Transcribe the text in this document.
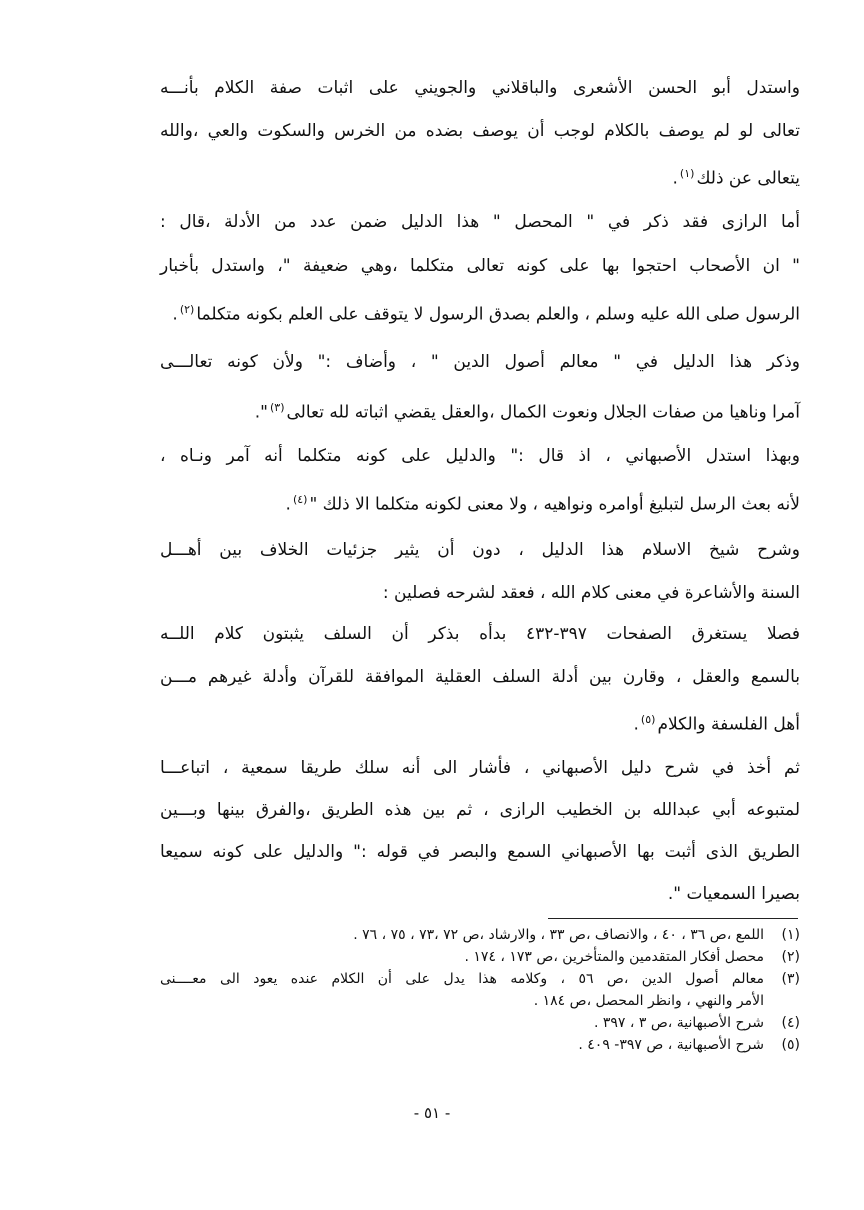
واستدل أبو الحسن الأشعرى والباقلاني والجويني على اثبات صفة الكلام بأنـــه
تعالى لو لم يوصف بالكلام لوجب أن يوصف بضده من الخرس والسكوت والعي ،والله
يتعالى عن ذلك$^{(١)}$.
أما الرازى فقد ذكر في " المحصل " هذا الدليل ضمن عدد من الأدلة ،قال :
" ان الأصحاب احتجوا بها على كونه تعالى متكلما ،وهي ضعيفة "، واستدل بأخبار
الرسول صلى الله عليه وسلم ، والعلم بصدق الرسول لا يتوقف على العلم بكونه متكلما$^{(٢)}$.
وذكر هذا الدليل في " معالم أصول الدين " ، وأضاف :" ولأن كونه تعالـــى
آمرا وناهيا من صفات الجلال ونعوت الكمال ،والعقل يقضي اثباته لله تعالى$^{(٣)}$".
وبهذا استدل الأصبهاني ، اذ قال :" والدليل على كونه متكلما أنه آمر ونـاه ،
لأنه بعث الرسل لتبليغ أوامره ونواهيه ، ولا معنى لكونه متكلما الا ذلك "$^{(٤)}$.
وشرح شيخ الاسلام هذا الدليل ، دون أن يثير جزئيات الخلاف بين أهـــل
السنة والأشاعرة في معنى كلام الله ، فعقد لشرحه فصلين :
فصلا يستغرق الصفحات ٣٩٧-٤٣٢ بدأه بذكر أن السلف يثبتون كلام اللــه
بالسمع والعقل ، وقارن بين أدلة السلف العقلية الموافقة للقرآن وأدلة غيرهم مـــن
أهل الفلسفة والكلام$^{(٥)}$.
ثم أخذ في شرح دليل الأصبهاني ، فأشار الى أنه سلك طريقا سمعية ، اتباعـــا
لمتبوعه أبي عبدالله بن الخطيب الرازى ، ثم بين هذه الطريق ،والفرق بينها وبـــين
الطريق الذى أثبت بها الأصبهاني السمع والبصر في قوله :" والدليل على كونه سميعا
بصيرا السمعيات ".
(١)
اللمع ،ص ٣٦ ، ٤٠ ، والانصاف ،ص ٣٣ ، والارشاد ،ص ٧٢ ،٧٣ ، ٧٥ ، ٧٦ .
(٢)
محصل أفكار المتقدمين والمتأخرين ،ص ١٧٣ ، ١٧٤ .
(٣)
معالم أصول الدين ،ص ٥٦ ، وكلامه هذا يدل على أن الكلام عنده يعود الى معــــنى
الأمر والنهي ، وانظر المحصل ،ص ١٨٤ .
(٤)
شرح الأصبهانية ،ص ٣ ، ٣٩٧ .
(٥)
شرح الأصبهانية ، ص ٣٩٧- ٤٠٩ .
- ٥١ -
